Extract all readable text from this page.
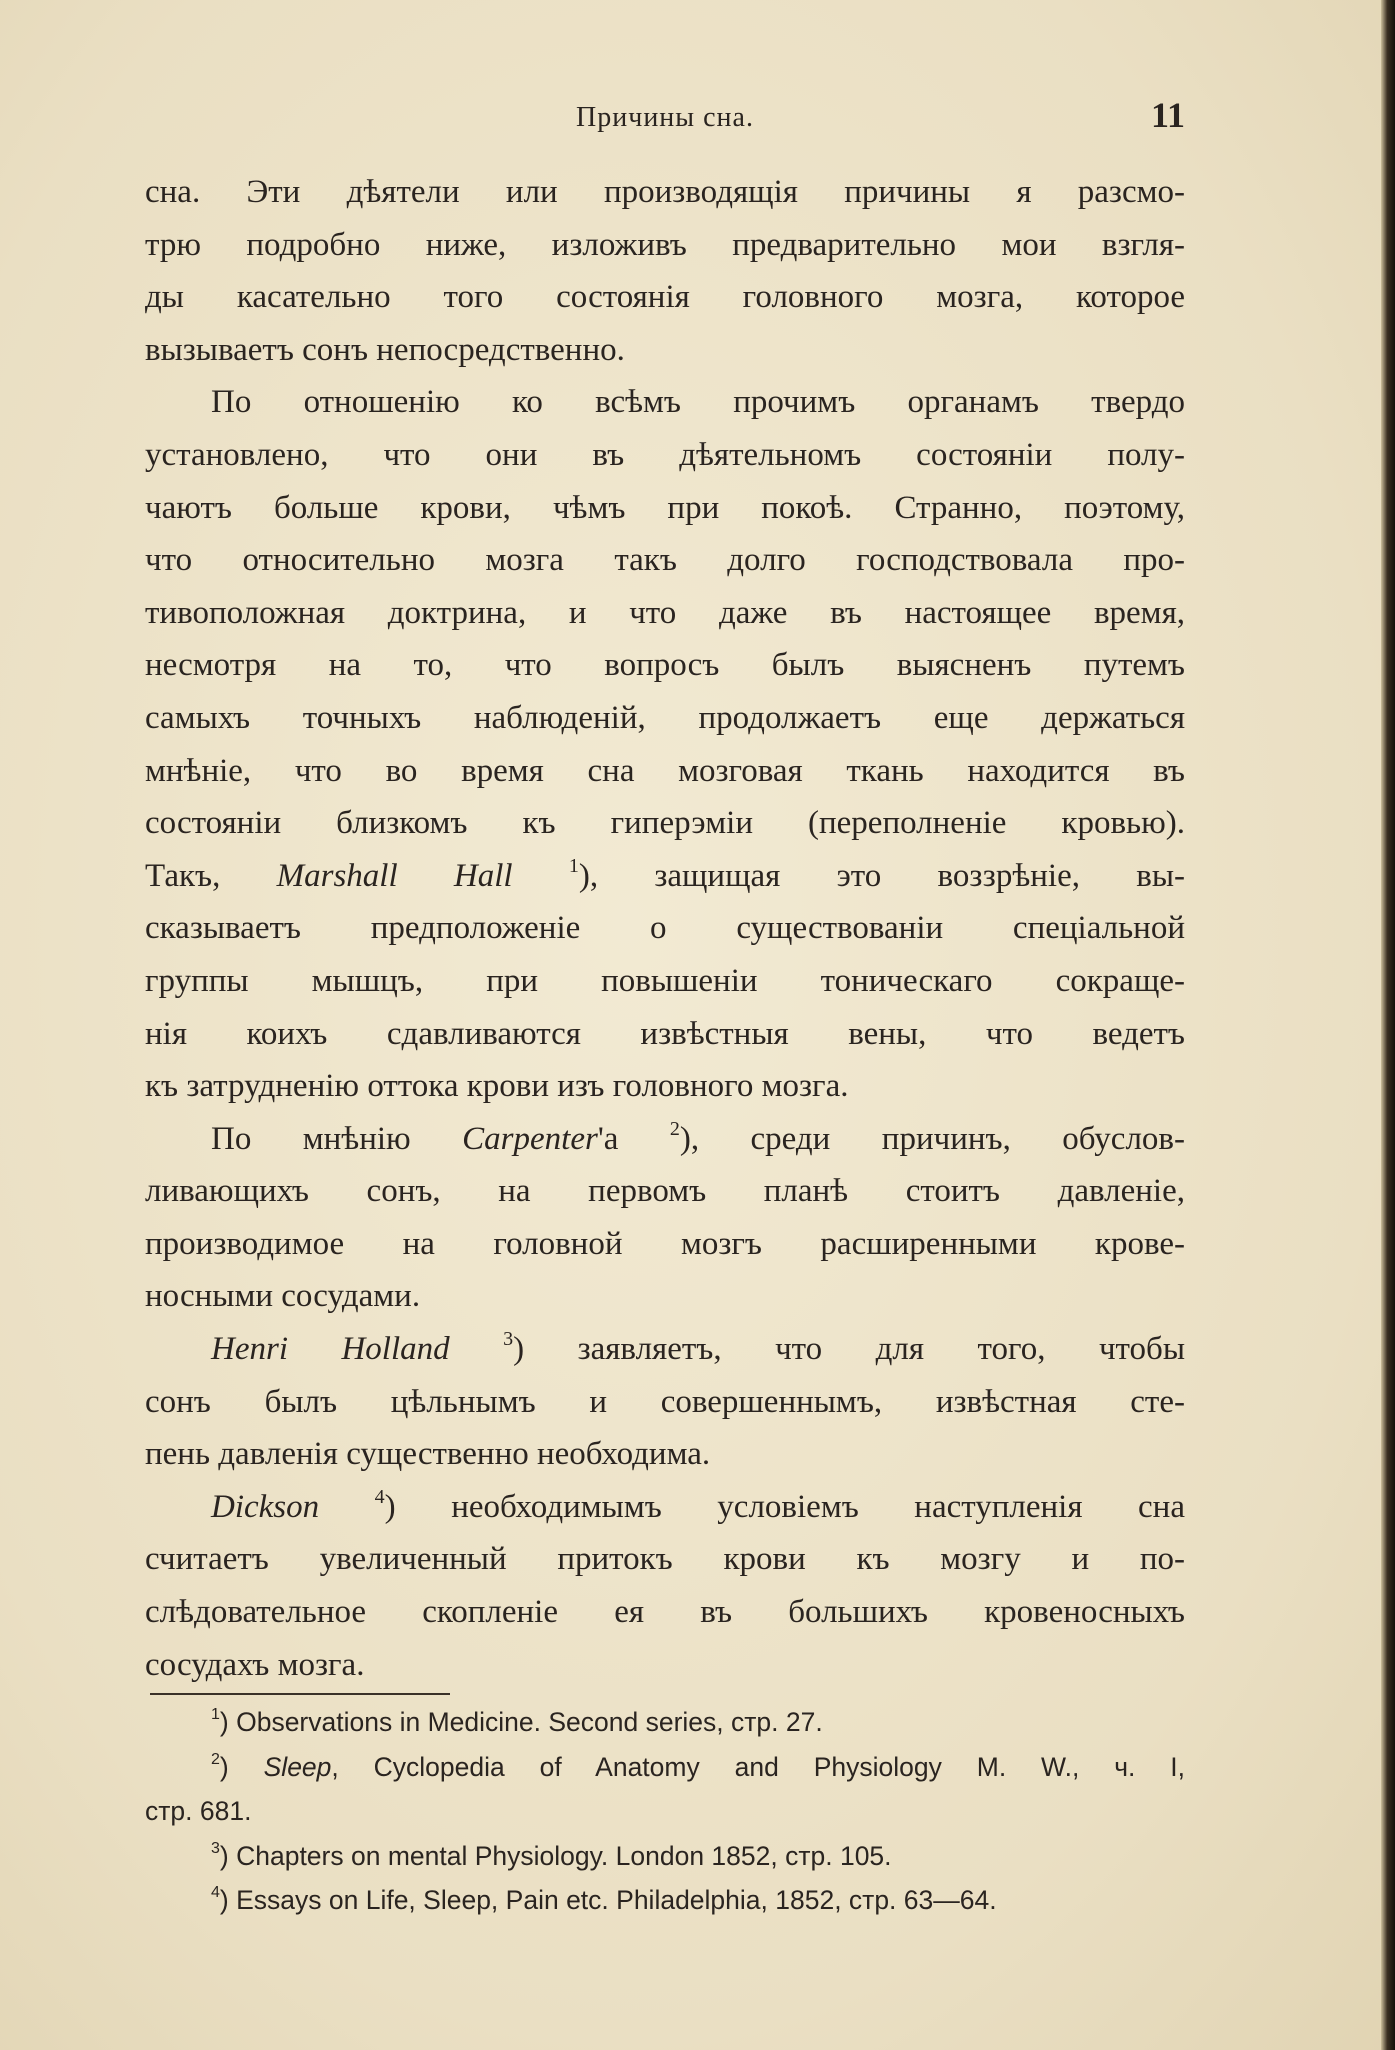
Причины сна.	11
сна. Эти дѣятели или производящія причины я разсмо-
трю подробно ниже, изложивъ предварительно мои взгля-
ды касательно того состоянія головного мозга, которое
вызываетъ сонъ непосредственно.
По отношенію ко всѣмъ прочимъ органамъ твердо
установлено, что они въ дѣятельномъ состояніи полу-
чаютъ больше крови, чѣмъ при покоѣ. Странно, поэтому,
что относительно мозга такъ долго господствовала про-
тивоположная доктрина, и что даже въ настоящее время,
несмотря на то, что вопросъ былъ выясненъ путемъ
самыхъ точныхъ наблюденій, продолжаетъ еще держаться
мнѣніе, что во время сна мозговая ткань находится въ
состояніи близкомъ къ гиперэміи (переполненіе кровью).
Такъ, Marshall Hall	$^1$), защищая это воззрѣніе, вы-
сказываетъ предположеніе о существованіи спеціальной
группы мышцъ, при повышеніи тоническаго сокраще-
нія коихъ сдавливаются извѣстныя вены, что ведетъ
къ затрудненію оттока крови изъ головного мозга.
По мнѣнію Carpenter'а	$^2$), среди причинъ, обуслов-
ливающихъ сонъ, на первомъ планѣ стоитъ давленіе,
производимое на головной мозгъ расширенными крове-
носными сосудами.
Henri Holland	$^3$) заявляетъ, что для того, чтобы
сонъ былъ цѣльнымъ и совершеннымъ, извѣстная сте-
пень давленія существенно необходима.
Dickson	$^4$) необходимымъ условіемъ наступленія сна
считаетъ увеличенный притокъ крови къ мозгу и по-
слѣдовательное скопленіе ея въ большихъ кровеносныхъ
сосудахъ мозга.
$^1$) Observations in Medicine. Second series, стр. 27.
$^2$) Sleep, Cyclopedia of Anatomy and Physiology M. W., ч. I,
стр. 681.
$^3$) Chapters on mental Physiology. London 1852, стр. 105.
$^4$) Essays on Life, Sleep, Pain etc. Philadelphia, 1852, стр. 63—64.
